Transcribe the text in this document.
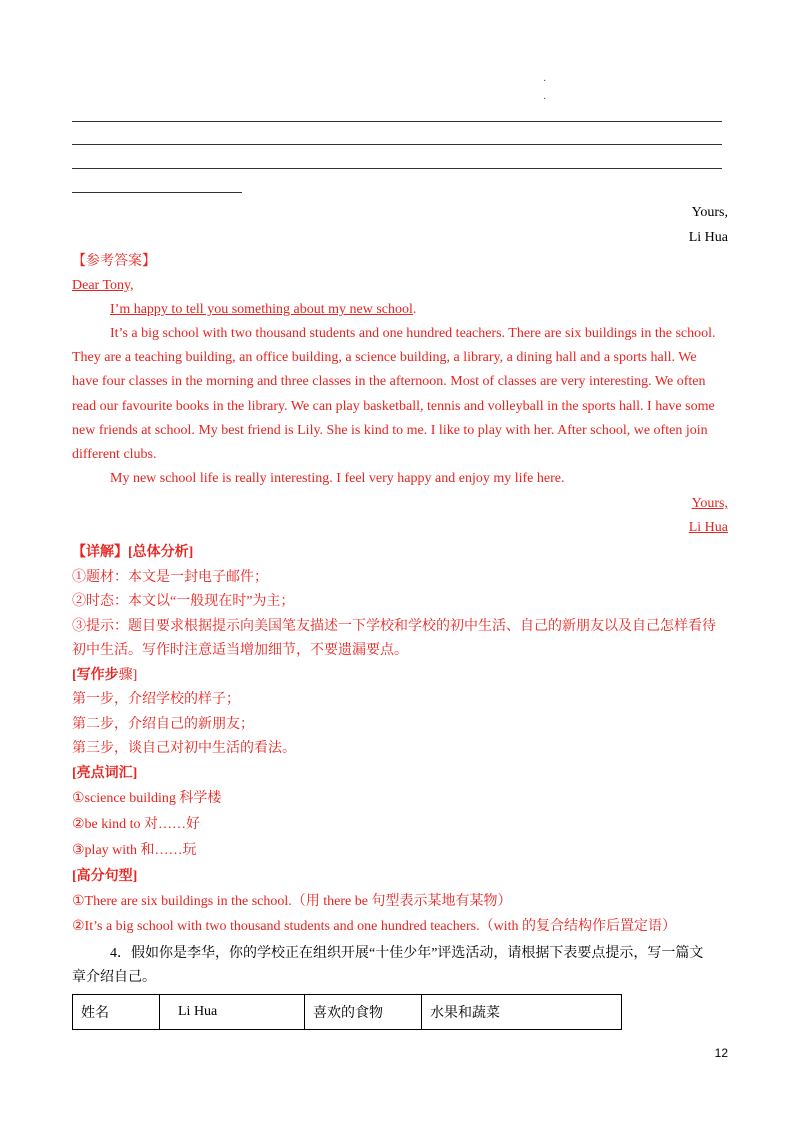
·
·
Yours,
Li Hua
【参考答案】
Dear Tony,
I’m happy to tell you something about my new school.
It’s a big school with two thousand students and one hundred teachers. There are six buildings in the school.
They are a teaching building, an office building, a science building, a library, a dining hall and a sports hall. We
have four classes in the morning and three classes in the afternoon. Most of classes are very interesting. We often
read our favourite books in the library. We can play basketball, tennis and volleyball in the sports hall. I have some
new friends at school. My best friend is Lily. She is kind to me. I like to play with her. After school, we often join
different clubs.
My new school life is really interesting. I feel very happy and enjoy my life here.
Yours,
Li Hua
【详解】[总体分析]
①题材：本文是一封电子邮件；
②时态：本文以“一般现在时”为主；
③提示：题目要求根据提示向美国笔友描述一下学校和学校的初中生活、自己的新朋友以及自己怎样看待
初中生活。写作时注意适当增加细节，不要遗漏要点。
[写作步骤]
第一步，介绍学校的样子；
第二步，介绍自己的新朋友；
第三步，谈自己对初中生活的看法。
[亮点词汇]
①science building 科学楼
②be kind to 对……好
③play with 和……玩
[高分句型]
①There are six buildings in the school.（用 there be 句型表示某地有某物）
②It’s a big school with two thousand students and one hundred teachers.（with 的复合结构作后置定语）
4．假如你是李华，你的学校正在组织开展“十佳少年”评选活动，请根据下表要点提示，写一篇文
章介绍自己。
姓名	Li Hua	喜欢的食物	水果和蔬菜
12
